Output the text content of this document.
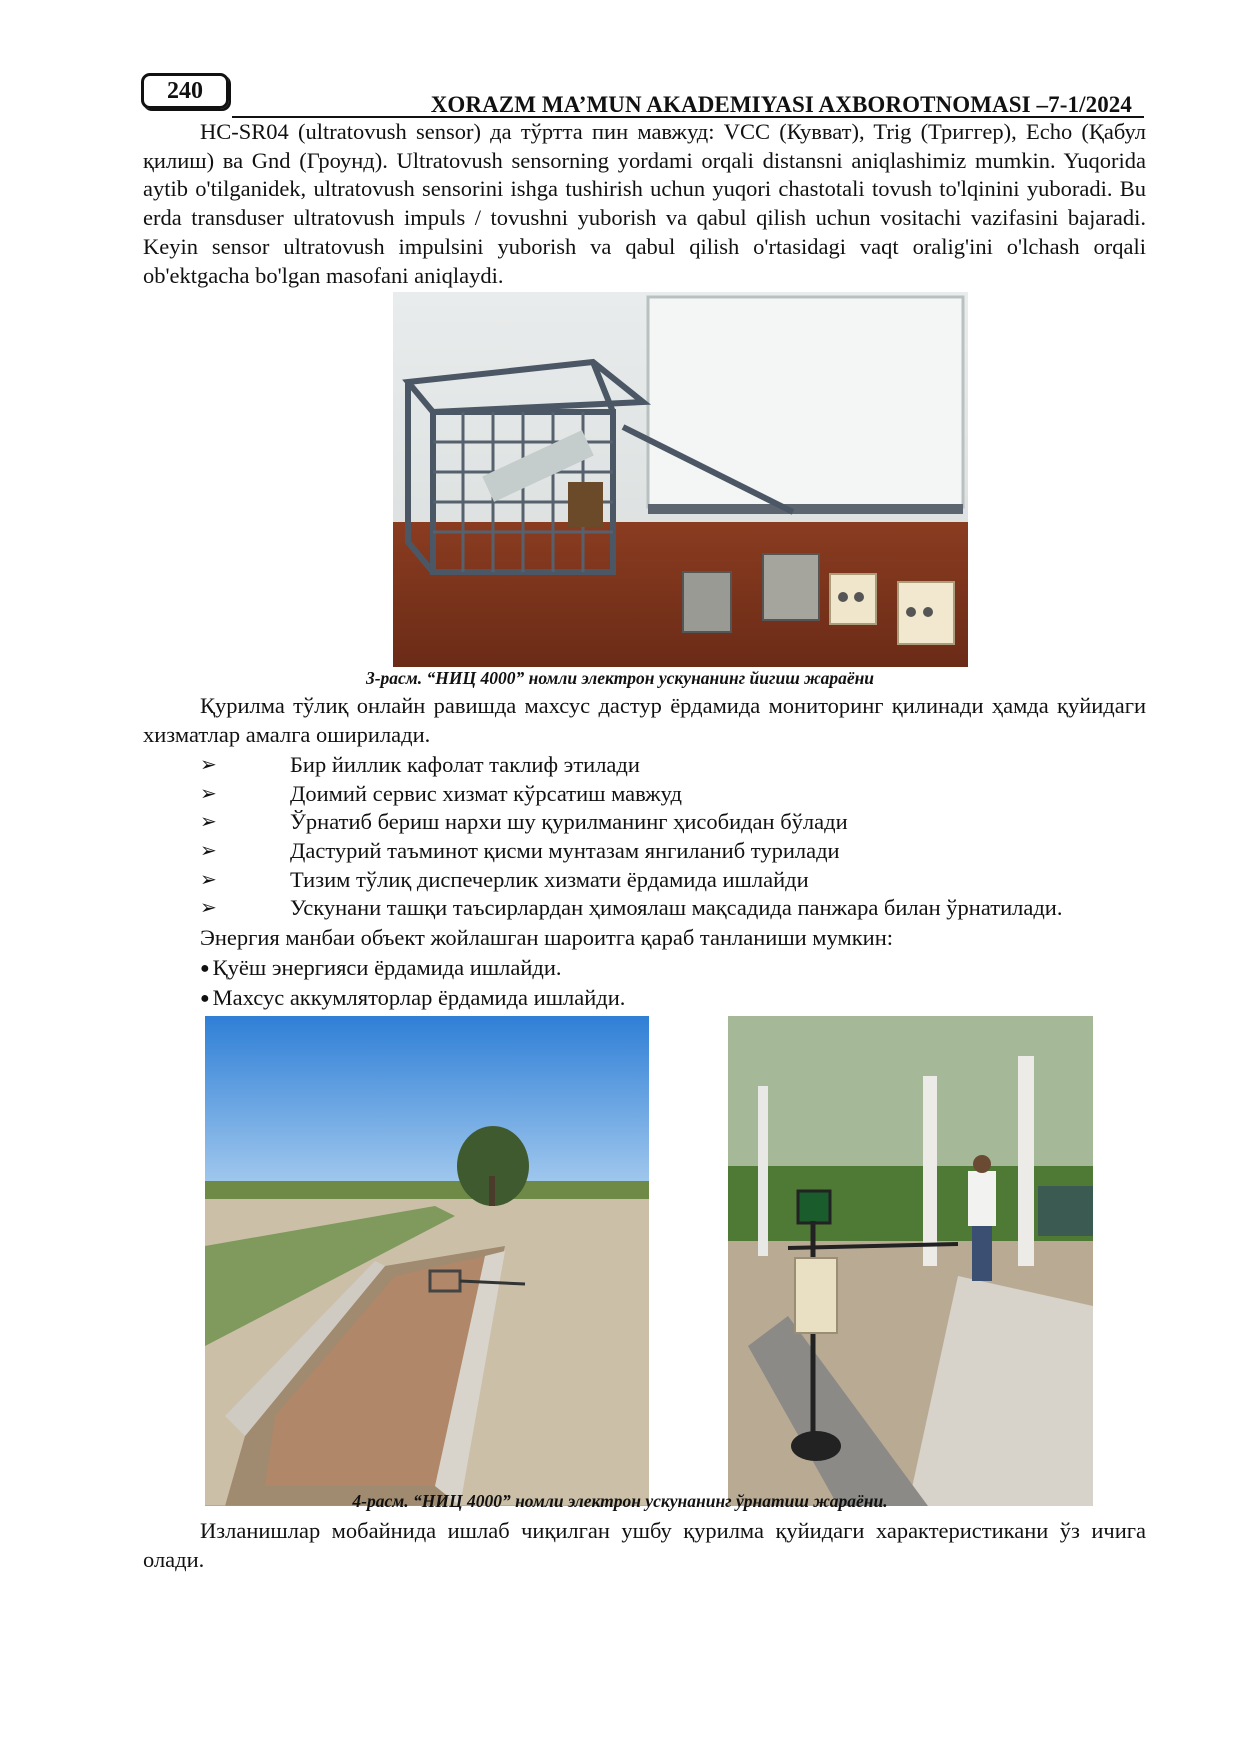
240
XORAZM MA’MUN AKADEMIYASI AXBOROTNOMASI –7-1/2024

HC-SR04 (ultratovush sensor) да тўртта пин мавжуд: VCC (Кувват), Trig (Триггер), Echo (Қабул қилиш) ва Gnd (Гроунд). Ultratovush sensorning yordami orqali distansni aniqlashimiz mumkin. Yuqorida aytib o'tilganidek, ultratovush sensorini ishga tushirish uchun yuqori chastotali tovush to'lqinini yuboradi. Bu erda transduser ultratovush impuls / tovushni yuborish va qabul qilish uchun vositachi vazifasini bajaradi. Keyin sensor ultratovush impulsini yuborish va qabul qilish o'rtasidagi vaqt oralig'ini o'lchash orqali ob'ektgacha bo'lgan masofani aniqlaydi.

3-расм. “НИЦ 4000” номли электрон ускунанинг йигиш жараёни
Қурилма тўлиқ онлайн равишда махсус дастур ёрдамида мониторинг қилинади ҳамда қуйидаги хизматлар амалга оширилади.
➢	Бир йиллик кафолат таклиф этилади
➢	Доимий сервис хизмат кўрсатиш мавжуд
➢	Ўрнатиб бериш нархи шу қурилманинг ҳисобидан бўлади
➢	Дастурий таъминот қисми мунтазам янгиланиб турилади
➢	Тизим тўлиқ диспечерлик хизмати ёрдамида ишлайди
➢	Ускунани ташқи таъсирлардан ҳимоялаш мақсадида панжара билан ўрнатилади.
Энергия манбаи объект жойлашган шароитга қараб танланиши мумкин:
● Қуёш энергияси ёрдамида ишлайди.
● Махсус аккумляторлар ёрдамида ишлайди.
4-расм. “НИЦ 4000” номли электрон ускунанинг ўрнатиш жараёни.
Изланишлар мобайнида ишлаб чиқилган ушбу қурилма қуйидаги характеристикани ўз ичига олади.
